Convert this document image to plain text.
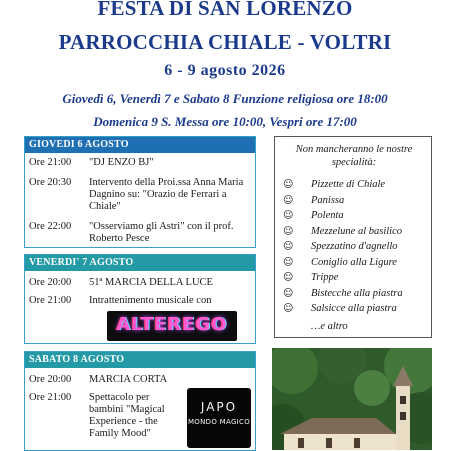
FESTA DI SAN LORENZO
PARROCCHIA CHIALE - VOLTRI
6 - 9 agosto 2026
Giovedì 6, Venerdì 7 e Sabato 8 Funzione religiosa ore 18:00
Domenica 9 S. Messa ore 10:00, Vespri ore 17:00
GIOVEDI 6 AGOSTO
Ore 21:00	"DJ ENZO BJ"
Ore 20:30	Intervento della Proi.ssa Anna Maria Dagnino su: "Orazio de Ferrari a Chiale"
Ore 22:00	"Osserviamo gli Astri" con il prof. Roberto Pesce
VENERDI' 7 AGOSTO
Ore 20:00	51ª MARCIA DELLA LUCE
Ore 21:00	Intrattenimento musicale con
ALTEREGO
SABATO 8 AGOSTO
Ore 20:00	MARCIA CORTA
Ore 21:00	Spettacolo per bambini "Magical Experience - the Family Mood"
JAPO
MONDO MAGICO
Non mancheranno le nostre specialità:
☺ Pizzette di Chiale
☺ Panissa
☺ Polenta
☺ Mezzelune al basilico
☺ Spezzatino d'agnello
☺ Coniglio alla Ligure
☺ Trippe
☺ Bistecche alla piastra
☺ Salsicce alla piastra
…e altro
